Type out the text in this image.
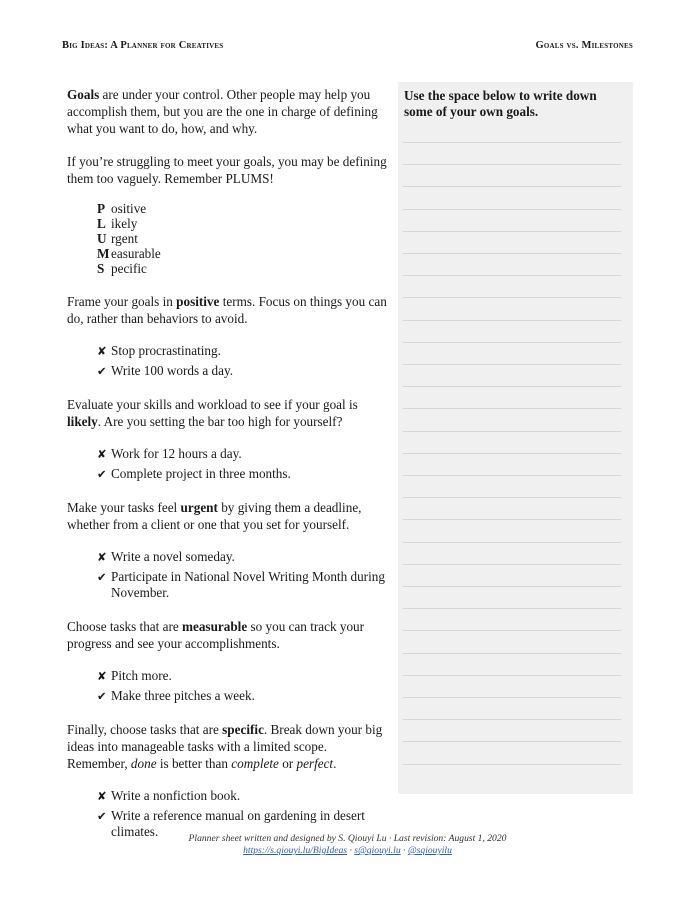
Big Ideas: A Planner for Creatives	Goals vs. Milestones

Goals are under your control. Other people may help you accomplish them, but you are the one in charge of defining what you want to do, how, and why.

If you’re struggling to meet your goals, you may be defining them too vaguely. Remember PLUMS!

P ositive
L ikely
U rgent
M easurable
S pecific

Frame your goals in positive terms. Focus on things you can do, rather than behaviors to avoid.

✘ Stop procrastinating.
✔ Write 100 words a day.

Evaluate your skills and workload to see if your goal is likely. Are you setting the bar too high for yourself?

✘ Work for 12 hours a day.
✔ Complete project in three months.

Make your tasks feel urgent by giving them a deadline, whether from a client or one that you set for yourself.

✘ Write a novel someday.
✔ Participate in National Novel Writing Month during November.

Choose tasks that are measurable so you can track your progress and see your accomplishments.

✘ Pitch more.
✔ Make three pitches a week.

Finally, choose tasks that are specific. Break down your big ideas into manageable tasks with a limited scope. Remember, done is better than complete or perfect.

✘ Write a nonfiction book.
✔ Write a reference manual on gardening in desert climates.
Use the space below to write down some of your own goals.
Planner sheet written and designed by S. Qiouyi Lu · Last revision: August 1, 2020
https://s.qiouyi.lu/BigIdeas · s@qiouyi.lu · @sqiouyilu
